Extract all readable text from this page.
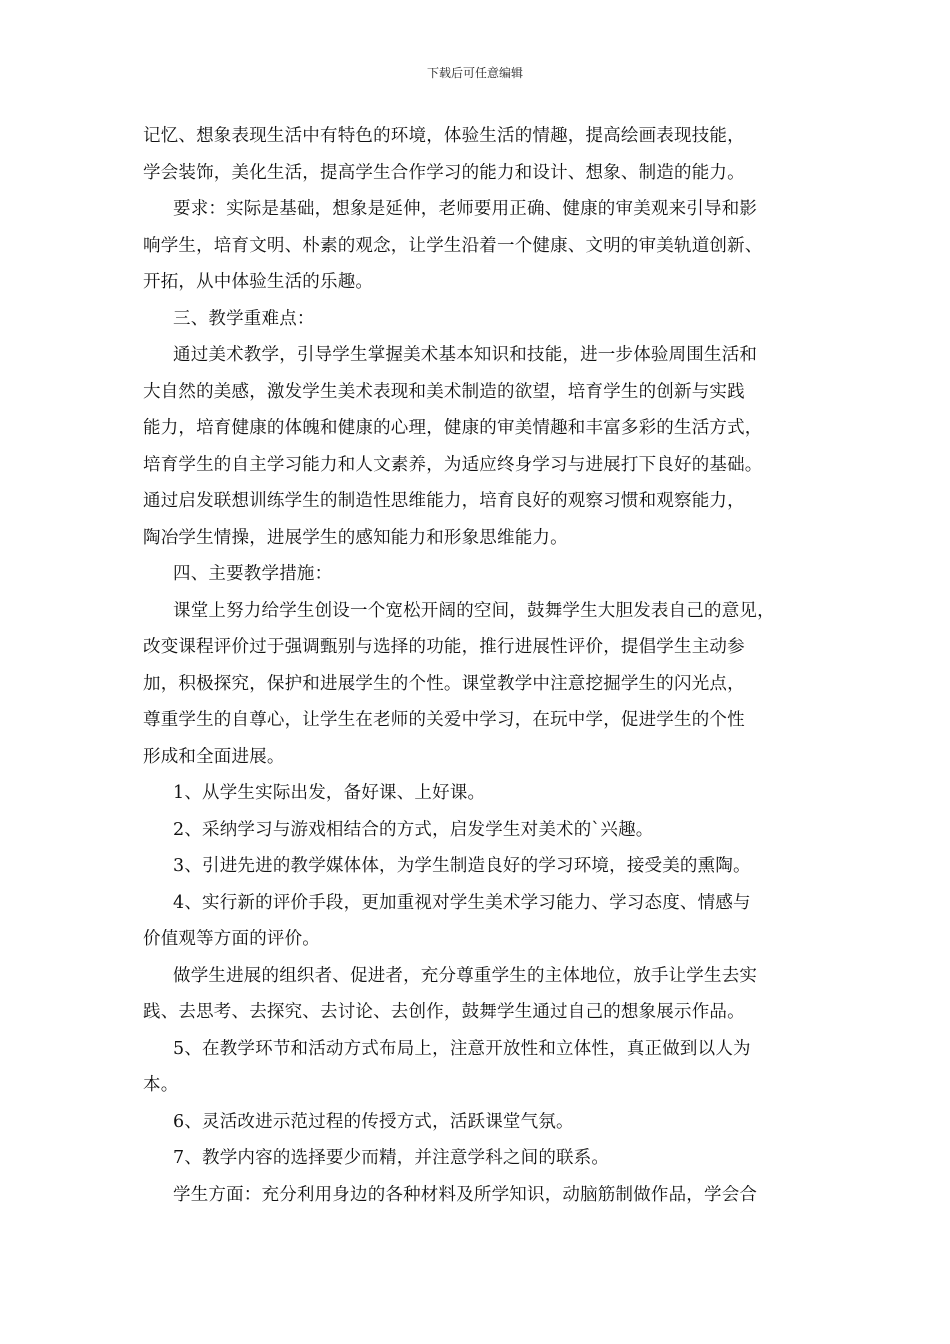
下载后可任意编辑
记忆、想象表现生活中有特色的环境，体验生活的情趣，提高绘画表现技能，
学会装饰，美化生活，提高学生合作学习的能力和设计、想象、制造的能力。
要求：实际是基础，想象是延伸，老师要用正确、健康的审美观来引导和影
响学生，培育文明、朴素的观念，让学生沿着一个健康、文明的审美轨道创新、
开拓，从中体验生活的乐趣。
三、教学重难点：
通过美术教学，引导学生掌握美术基本知识和技能，进一步体验周围生活和
大自然的美感，激发学生美术表现和美术制造的欲望，培育学生的创新与实践
能力，培育健康的体魄和健康的心理，健康的审美情趣和丰富多彩的生活方式，
培育学生的自主学习能力和人文素养，为适应终身学习与进展打下良好的基础。
通过启发联想训练学生的制造性思维能力，培育良好的观察习惯和观察能力，
陶冶学生情操，进展学生的感知能力和形象思维能力。
四、主要教学措施：
课堂上努力给学生创设一个宽松开阔的空间，鼓舞学生大胆发表自己的意见，
改变课程评价过于强调甄别与选择的功能，推行进展性评价，提倡学生主动参
加，积极探究，保护和进展学生的个性。课堂教学中注意挖掘学生的闪光点，
尊重学生的自尊心，让学生在老师的关爱中学习，在玩中学，促进学生的个性
形成和全面进展。
1、从学生实际出发，备好课、上好课。
2、采纳学习与游戏相结合的方式，启发学生对美术的`兴趣。
3、引进先进的教学媒体体，为学生制造良好的学习环境，接受美的熏陶。
4、实行新的评价手段，更加重视对学生美术学习能力、学习态度、情感与
价值观等方面的评价。
做学生进展的组织者、促进者，充分尊重学生的主体地位，放手让学生去实
践、去思考、去探究、去讨论、去创作，鼓舞学生通过自己的想象展示作品。
5、在教学环节和活动方式布局上，注意开放性和立体性，真正做到以人为
本。
6、灵活改进示范过程的传授方式，活跃课堂气氛。
7、教学内容的选择要少而精，并注意学科之间的联系。
学生方面：充分利用身边的各种材料及所学知识，动脑筋制做作品，学会合
